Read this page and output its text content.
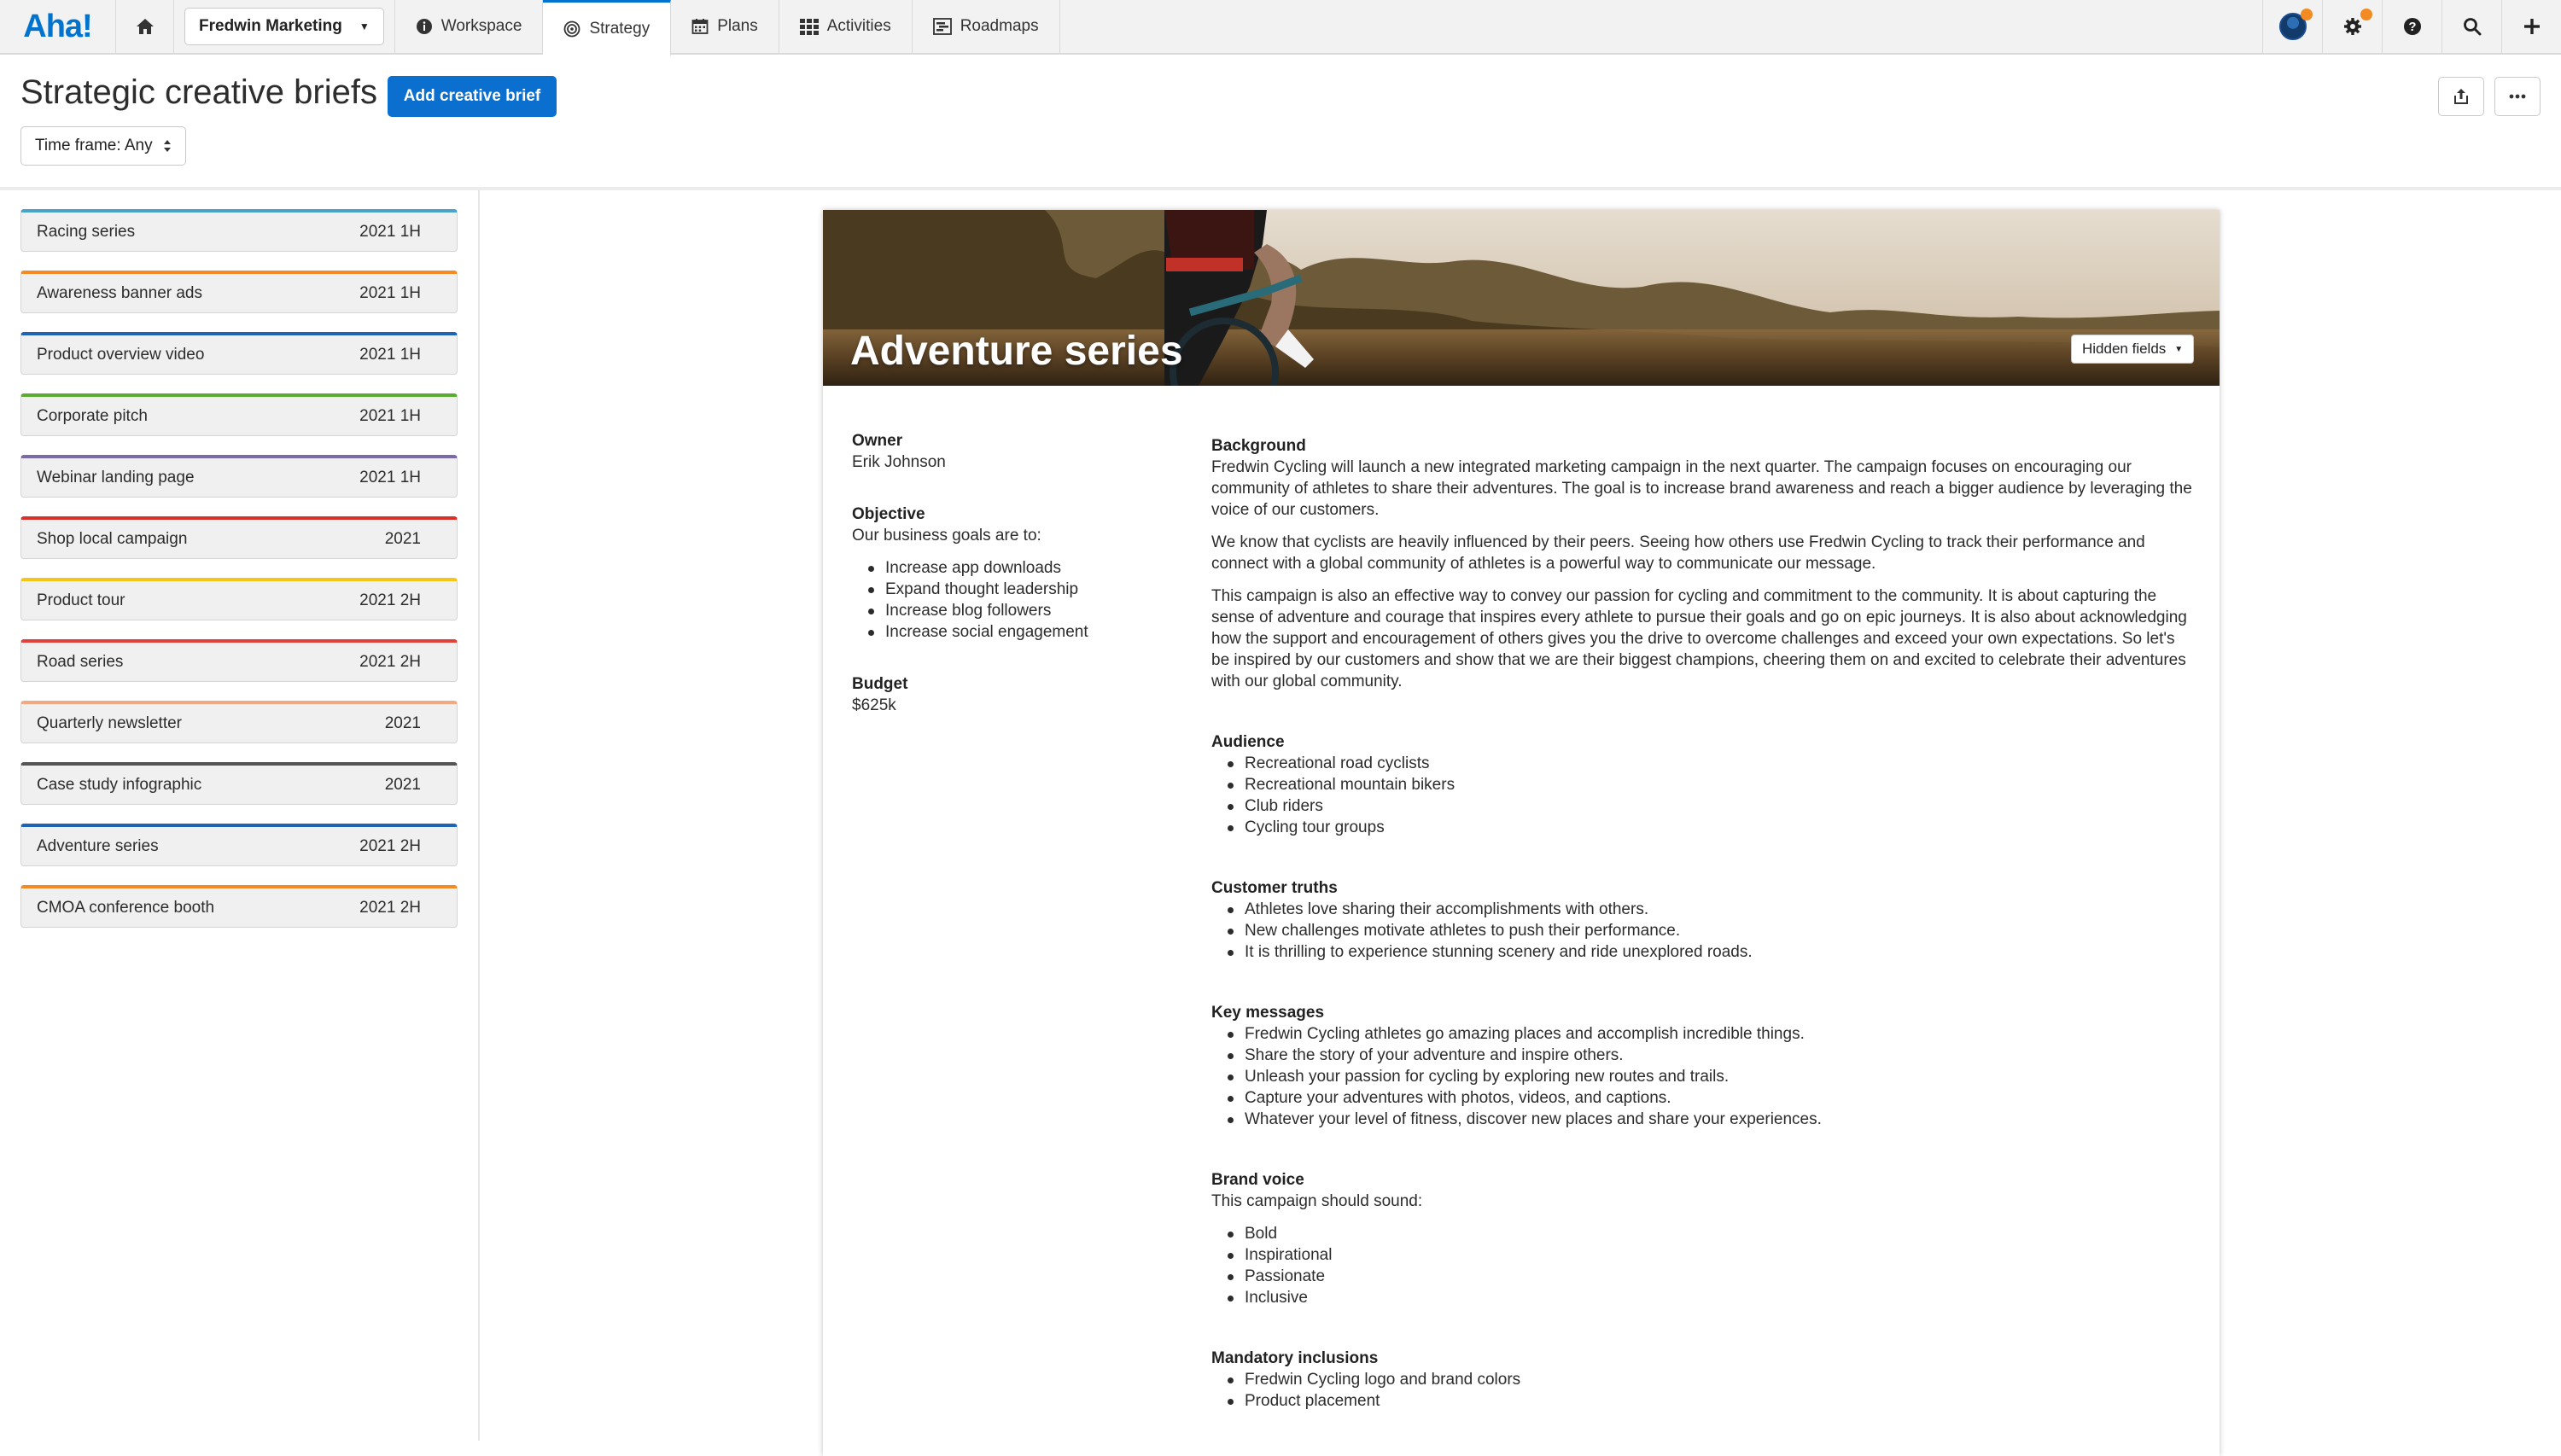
Aha!	Fredwin Marketing ▼	Workspace	Strategy	Plans	Activities	Roadmaps	?
Strategic creative briefs	Add creative brief
Time frame: Any
Racing series	2021 1H
Awareness banner ads	2021 1H
Product overview video	2021 1H
Corporate pitch	2021 1H
Webinar landing page	2021 1H
Shop local campaign	2021
Product tour	2021 2H
Road series	2021 2H
Quarterly newsletter	2021
Case study infographic	2021
Adventure series	2021 2H
CMOA conference booth	2021 2H
Adventure series	Hidden fields ▼
Owner
Erik Johnson
Objective
Our business goals are to:
Increase app downloads
Expand thought leadership
Increase blog followers
Increase social engagement
Budget
$625k
Background
Fredwin Cycling will launch a new integrated marketing campaign in the next quarter. The campaign focuses on encouraging our community of athletes to share their adventures. The goal is to increase brand awareness and reach a bigger audience by leveraging the voice of our customers.
We know that cyclists are heavily influenced by their peers. Seeing how others use Fredwin Cycling to track their performance and connect with a global community of athletes is a powerful way to communicate our message.
This campaign is also an effective way to convey our passion for cycling and commitment to the community. It is about capturing the sense of adventure and courage that inspires every athlete to pursue their goals and go on epic journeys. It is also about acknowledging how the support and encouragement of others gives you the drive to overcome challenges and exceed your own expectations. So let's be inspired by our customers and show that we are their biggest champions, cheering them on and excited to celebrate their adventures with our global community.
Audience
Recreational road cyclists
Recreational mountain bikers
Club riders
Cycling tour groups
Customer truths
Athletes love sharing their accomplishments with others.
New challenges motivate athletes to push their performance.
It is thrilling to experience stunning scenery and ride unexplored roads.
Key messages
Fredwin Cycling athletes go amazing places and accomplish incredible things.
Share the story of your adventure and inspire others.
Unleash your passion for cycling by exploring new routes and trails.
Capture your adventures with photos, videos, and captions.
Whatever your level of fitness, discover new places and share your experiences.
Brand voice
This campaign should sound:
Bold
Inspirational
Passionate
Inclusive
Mandatory inclusions
Fredwin Cycling logo and brand colors
Product placement
